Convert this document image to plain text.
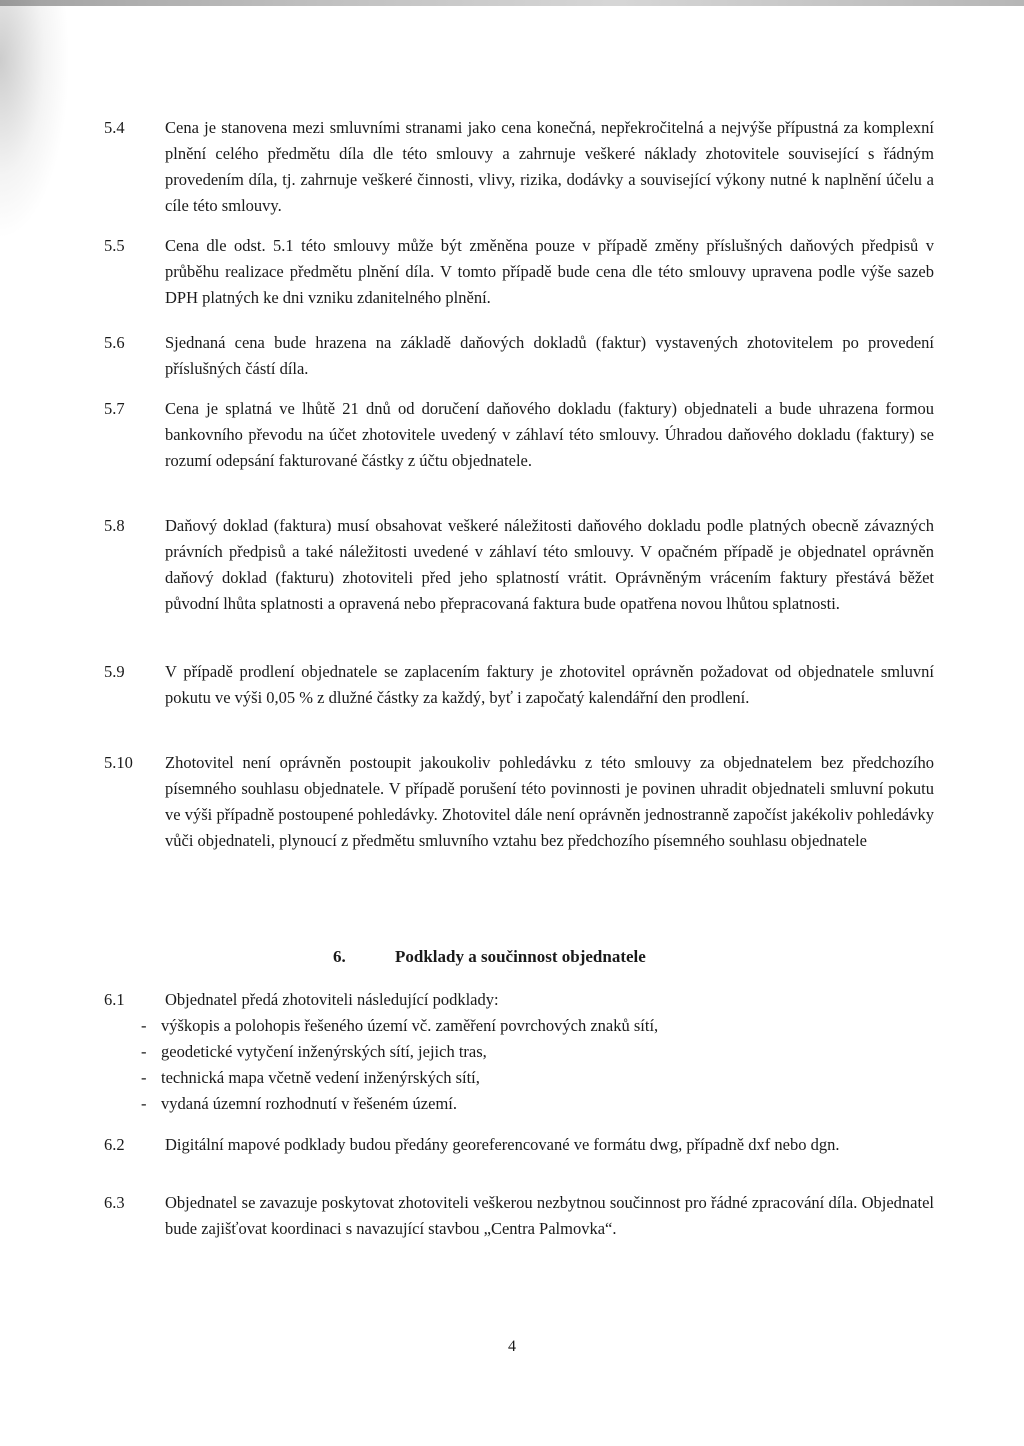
5.4	Cena je stanovena mezi smluvními stranami jako cena konečná, nepřekročitelná a nejvýše přípustná za komplexní plnění celého předmětu díla dle této smlouvy a zahrnuje veškeré náklady zhotovitele související s řádným provedením díla, tj. zahrnuje veškeré činnosti, vlivy, rizika, dodávky a související výkony nutné k naplnění účelu a cíle této smlouvy.
5.5	Cena dle odst. 5.1 této smlouvy může být změněna pouze v případě změny příslušných daňových předpisů v průběhu realizace předmětu plnění díla. V tomto případě bude cena dle této smlouvy upravena podle výše sazeb DPH platných ke dni vzniku zdanitelného plnění.
5.6	Sjednaná cena bude hrazena na základě daňových dokladů (faktur) vystavených zhotovitelem po provedení příslušných částí díla.
5.7	Cena je splatná ve lhůtě 21 dnů od doručení daňového dokladu (faktury) objednateli a bude uhrazena formou bankovního převodu na účet zhotovitele uvedený v záhlaví této smlouvy. Úhradou daňového dokladu (faktury) se rozumí odepsání fakturované částky z účtu objednatele.
5.8	Daňový doklad (faktura) musí obsahovat veškeré náležitosti daňového dokladu podle platných obecně závazných právních předpisů a také náležitosti uvedené v záhlaví této smlouvy. V opačném případě je objednatel oprávněn daňový doklad (fakturu) zhotoviteli před jeho splatností vrátit. Oprávněným vrácením faktury přestává běžet původní lhůta splatnosti a opravená nebo přepracovaná faktura bude opatřena novou lhůtou splatnosti.
5.9	V případě prodlení objednatele se zaplacením faktury je zhotovitel oprávněn požadovat od objednatele smluvní pokutu ve výši 0,05 % z dlužné částky za každý, byť i započatý kalendářní den prodlení.
5.10	Zhotovitel není oprávněn postoupit jakoukoliv pohledávku z této smlouvy za objednatelem bez předchozího písemného souhlasu objednatele. V případě porušení této povinnosti je povinen uhradit objednateli smluvní pokutu ve výši případně postoupené pohledávky. Zhotovitel dále není oprávněn jednostranně započíst jakékoliv pohledávky vůči objednateli, plynoucí z předmětu smluvního vztahu bez předchozího písemného souhlasu objednatele
6.	Podklady a součinnost objednatele
6.1	Objednatel předá zhotoviteli následující podklady:
- výškopis a polohopis řešeného území vč. zaměření povrchových znaků sítí,
- geodetické vytyčení inženýrských sítí, jejich tras,
- technická mapa včetně vedení inženýrských sítí,
- vydaná územní rozhodnutí v řešeném území.
6.2	Digitální mapové podklady budou předány georeferencované ve formátu dwg, případně dxf nebo dgn.
6.3	Objednatel se zavazuje poskytovat zhotoviteli veškerou nezbytnou součinnost pro řádné zpracování díla. Objednatel bude zajišťovat koordinaci s navazující stavbou „Centra Palmovka“.
4
